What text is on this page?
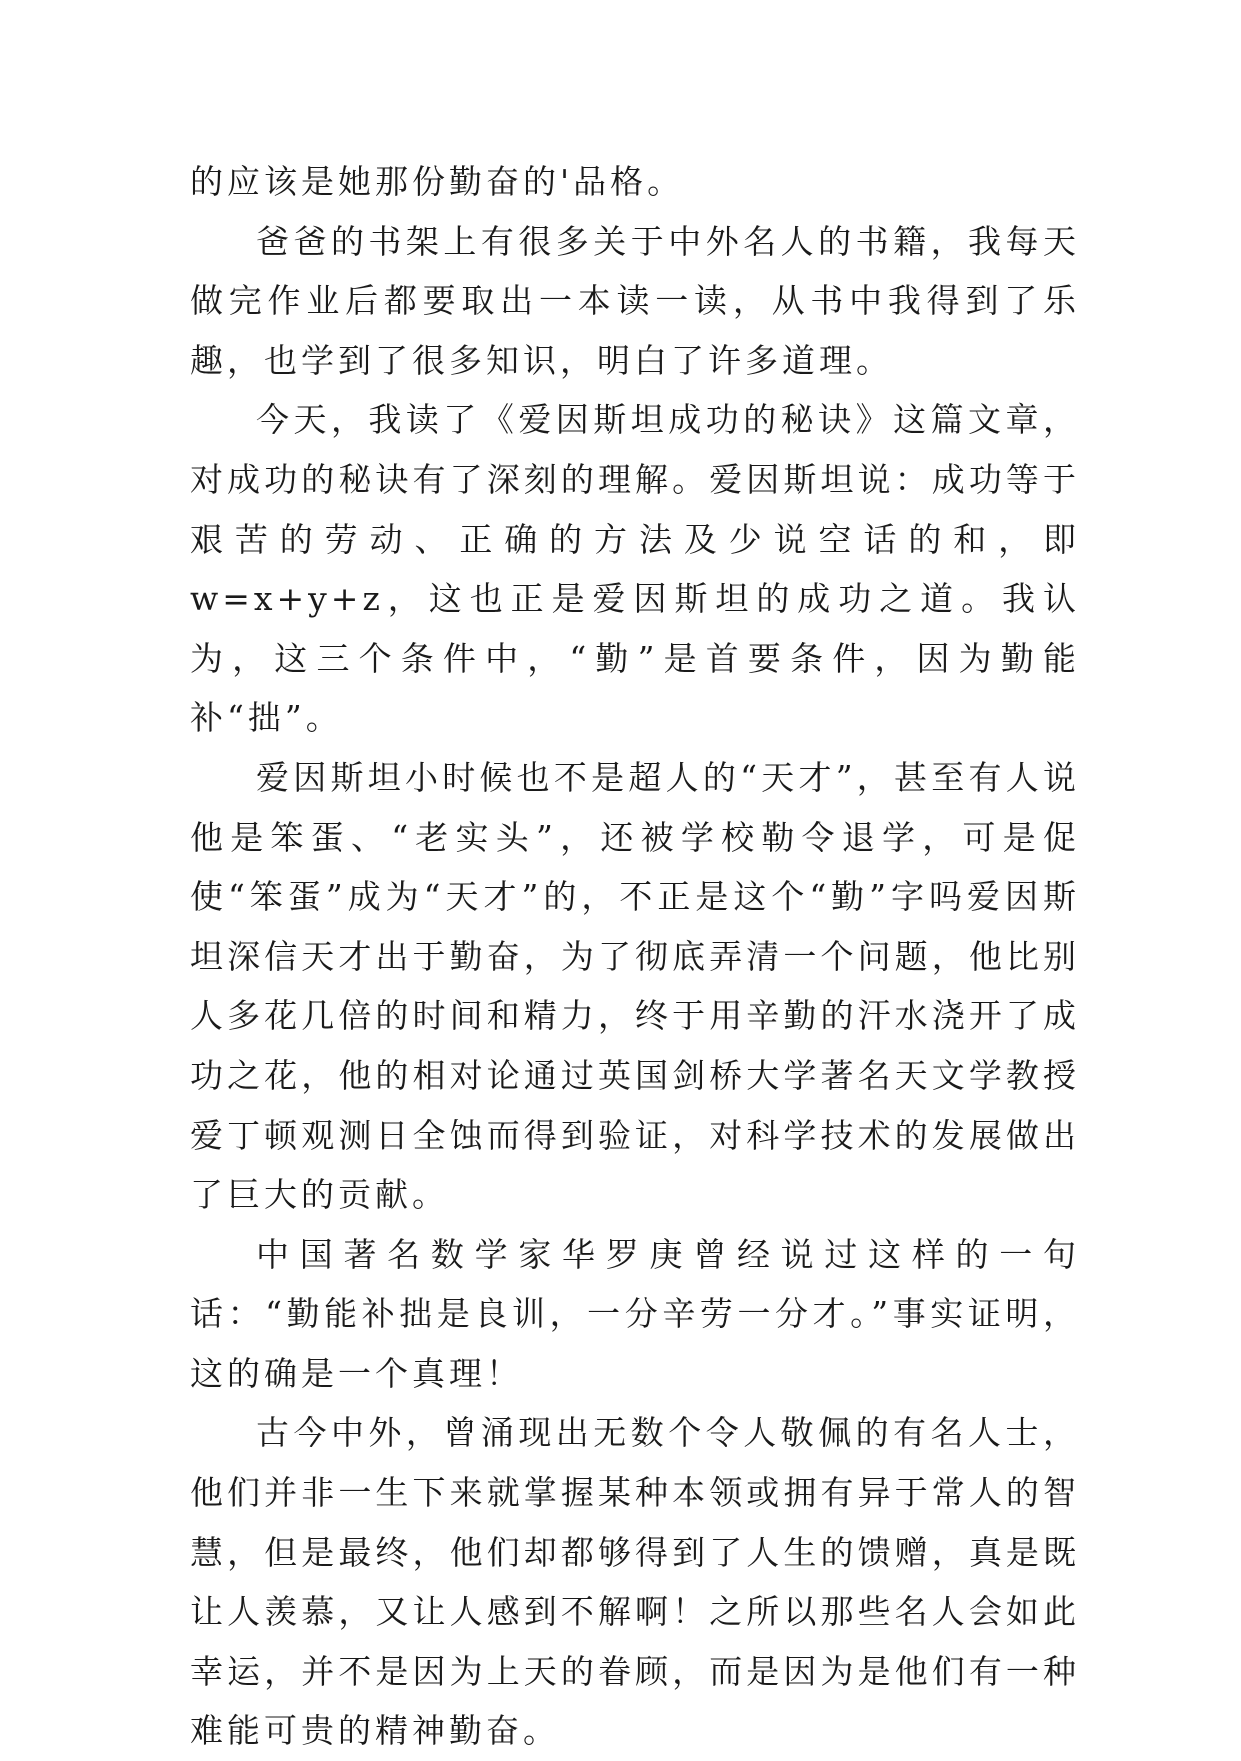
的应该是她那份勤奋的'品格。

爸爸的书架上有很多关于中外名人的书籍，我每天做完作业后都要取出一本读一读，从书中我得到了乐趣，也学到了很多知识，明白了许多道理。

今天，我读了《爱因斯坦成功的秘诀》这篇文章，对成功的秘诀有了深刻的理解。爱因斯坦说：成功等于艰苦的劳动、正确的方法及少说空话的和，即 w=x+y+z，这也正是爱因斯坦的成功之道。我认为，这三个条件中，“勤”是首要条件，因为勤能补“拙”。

爱因斯坦小时候也不是超人的“天才”，甚至有人说他是笨蛋、“老实头”，还被学校勒令退学，可是促使“笨蛋”成为“天才”的，不正是这个“勤”字吗爱因斯坦深信天才出于勤奋，为了彻底弄清一个问题，他比别人多花几倍的时间和精力，终于用辛勤的汗水浇开了成功之花，他的相对论通过英国剑桥大学著名天文学教授爱丁顿观测日全蚀而得到验证，对科学技术的发展做出了巨大的贡献。

中国著名数学家华罗庚曾经说过这样的一句话：“勤能补拙是良训，一分辛劳一分才。”事实证明，这的确是一个真理！

古今中外，曾涌现出无数个令人敬佩的有名人士，他们并非一生下来就掌握某种本领或拥有异于常人的智慧，但是最终，他们却都够得到了人生的馈赠，真是既让人羡慕，又让人感到不解啊！之所以那些名人会如此幸运，并不是因为上天的眷顾，而是因为是他们有一种难能可贵的精神勤奋。
